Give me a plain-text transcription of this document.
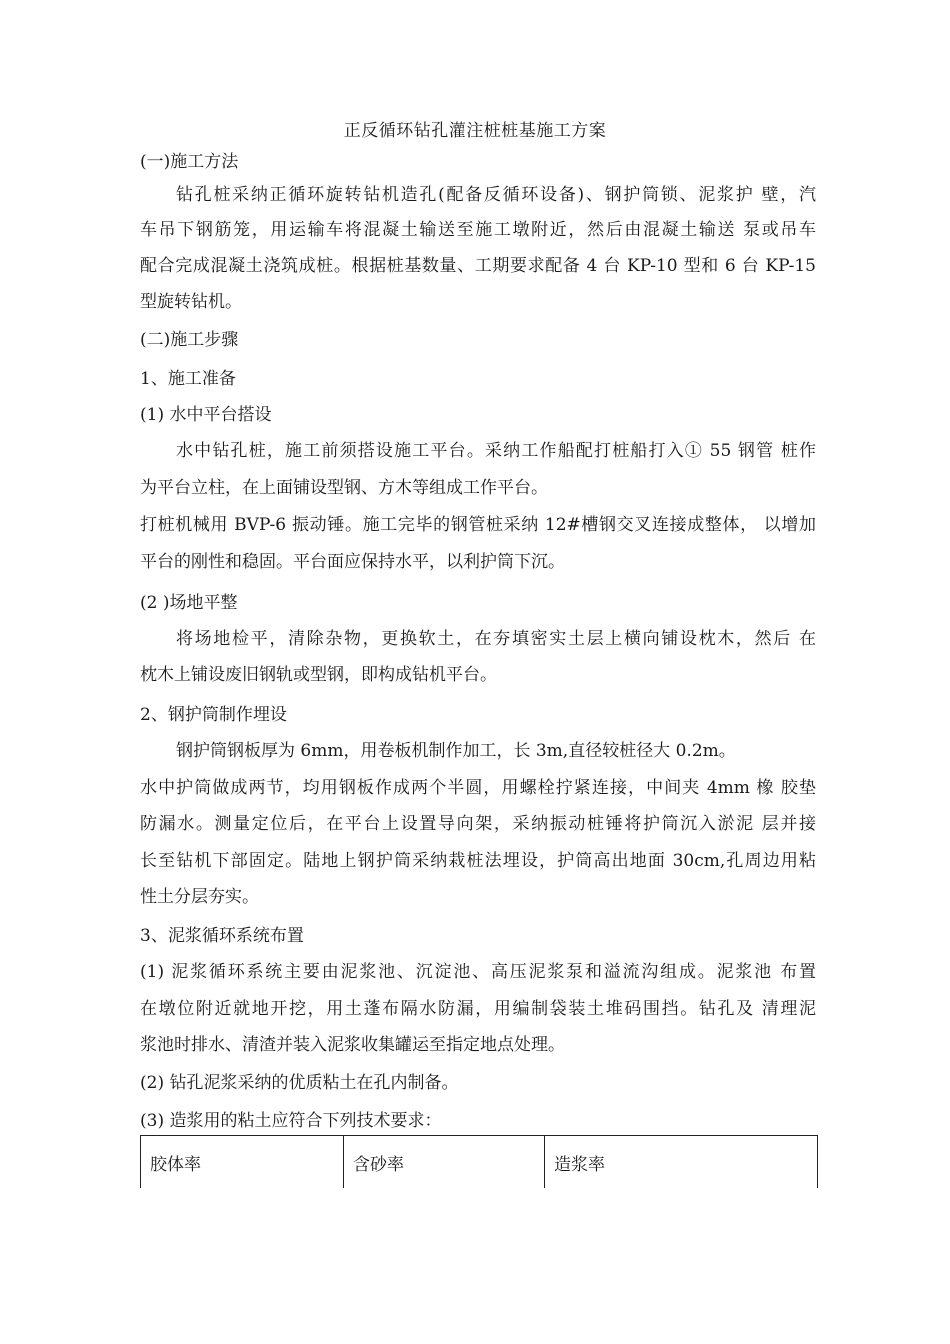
正反循环钻孔灌注桩桩基施工方案
(一)施工方法
钻孔桩采纳正循环旋转钻机造孔(配备反循环设备)、钢护筒锁、泥浆护 壁，汽
车吊下钢筋笼，用运输车将混凝土输送至施工墩附近，然后由混凝土输送 泵或吊车
配合完成混凝土浇筑成桩。根据桩基数量、工期要求配备 4 台 KP-10 型和 6 台 KP-15
型旋转钻机。
(二)施工步骤
1、施工准备
(1) 水中平台搭设
水中钻孔桩，施工前须搭设施工平台。采纳工作船配打桩船打入① 55 钢管 桩作
为平台立柱，在上面铺设型钢、方木等组成工作平台。
打桩机械用 BVP-6 振动锤。施工完毕的钢管桩采纳 12#槽钢交叉连接成整体， 以增加
平台的刚性和稳固。平台面应保持水平，以利护筒下沉。
(2 )场地平整
将场地检平，清除杂物，更换软土，在夯填密实土层上横向铺设枕木，然后 在
枕木上铺设废旧钢轨或型钢，即构成钻机平台。
2、钢护筒制作埋设
钢护筒钢板厚为 6mm，用卷板机制作加工，长 3m,直径较桩径大 0.2m。
水中护筒做成两节，均用钢板作成两个半圆，用螺栓拧紧连接，中间夹 4mm 橡 胶垫
防漏水。测量定位后，在平台上设置导向架，采纳振动桩锤将护筒沉入淤泥 层并接
长至钻机下部固定。陆地上钢护筒采纳栽桩法埋设，护筒高出地面 30cm,孔周边用粘
性土分层夯实。
3、泥浆循环系统布置
(1) 泥浆循环系统主要由泥浆池、沉淀池、高压泥浆泵和溢流沟组成。泥浆池 布置
在墩位附近就地开挖，用土蓬布隔水防漏，用编制袋装土堆码围挡。钻孔及 清理泥
浆池时排水、清渣并装入泥浆收集罐运至指定地点处理。
(2) 钻孔泥浆采纳的优质粘土在孔内制备。
(3) 造浆用的粘土应符合下列技术要求：
胶体率	含砂率	造浆率
